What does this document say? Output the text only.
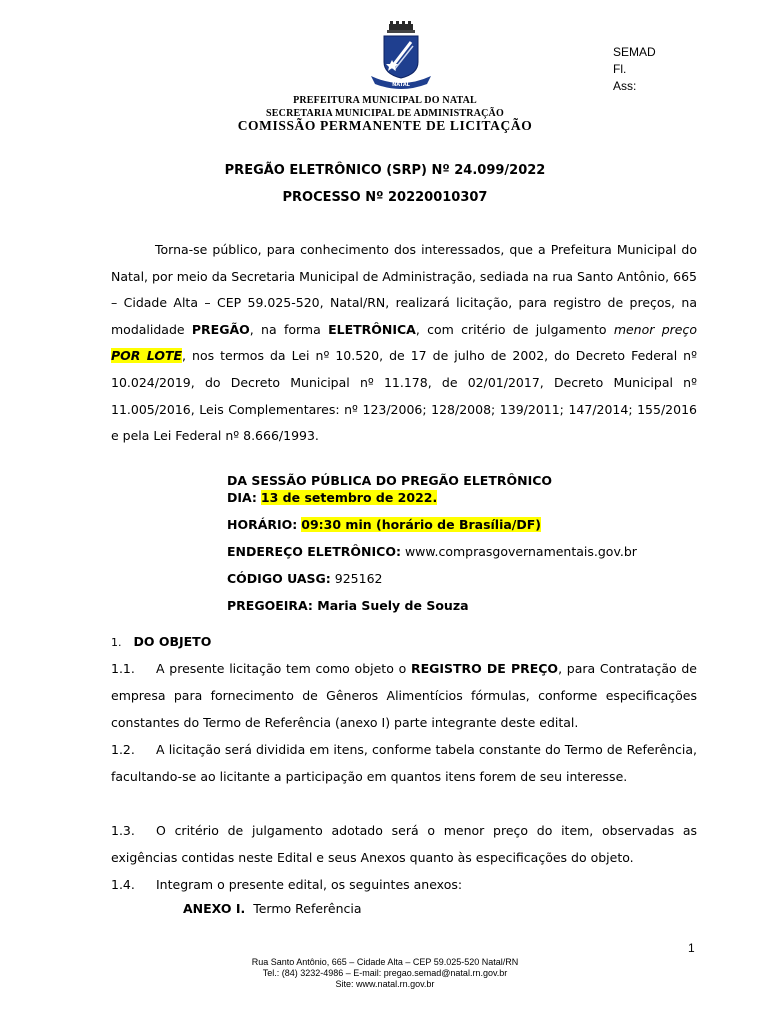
NATAL
SEMAD
Fl.
Ass:
PREFEITURA MUNICIPAL DO NATAL
SECRETARIA MUNICIPAL DE ADMINISTRAÇÃO
COMISSÃO PERMANENTE DE LICITAÇÃO
PREGÃO ELETRÔNICO (SRP) Nº 24.099/2022
PROCESSO Nº 20220010307

Torna-se público, para conhecimento dos interessados, que a Prefeitura Municipal do Natal, por meio da Secretaria Municipal de Administração, sediada na rua Santo Antônio, 665 – Cidade Alta – CEP 59.025-520, Natal/RN, realizará licitação, para registro de preços, na modalidade PREGÃO, na forma ELETRÔNICA, com critério de julgamento menor preço POR LOTE, nos termos da Lei nº 10.520, de 17 de julho de 2002, do Decreto Federal nº 10.024/2019, do Decreto Municipal nº 11.178, de 02/01/2017, Decreto Municipal nº 11.005/2016, Leis Complementares: nº 123/2006; 128/2008; 139/2011; 147/2014; 155/2016 e pela Lei Federal nº 8.666/1993.

DA SESSÃO PÚBLICA DO PREGÃO ELETRÔNICO
DIA: 13 de setembro de 2022.
HORÁRIO: 09:30 min (horário de Brasília/DF)
ENDEREÇO ELETRÔNICO: www.comprasgovernamentais.gov.br
CÓDIGO UASG: 925162
PREGOEIRA: Maria Suely de Souza
1. DO OBJETO
1.1. A presente licitação tem como objeto o REGISTRO DE PREÇO, para Contratação de empresa para fornecimento de Gêneros Alimentícios fórmulas, conforme especificações constantes do Termo de Referência (anexo I) parte integrante deste edital.
1.2. A licitação será dividida em itens, conforme tabela constante do Termo de Referência, facultando-se ao licitante a participação em quantos itens forem de seu interesse.
1.3. O critério de julgamento adotado será o menor preço do item, observadas as exigências contidas neste Edital e seus Anexos quanto às especificações do objeto.
1.4. Integram o presente edital, os seguintes anexos:
ANEXO I. Termo Referência
1
Rua Santo Antônio, 665 – Cidade Alta – CEP 59.025-520 Natal/RN
Tel.: (84) 3232-4986 – E-mail: pregao.semad@natal.rn.gov.br
Site: www.natal.rn.gov.br
